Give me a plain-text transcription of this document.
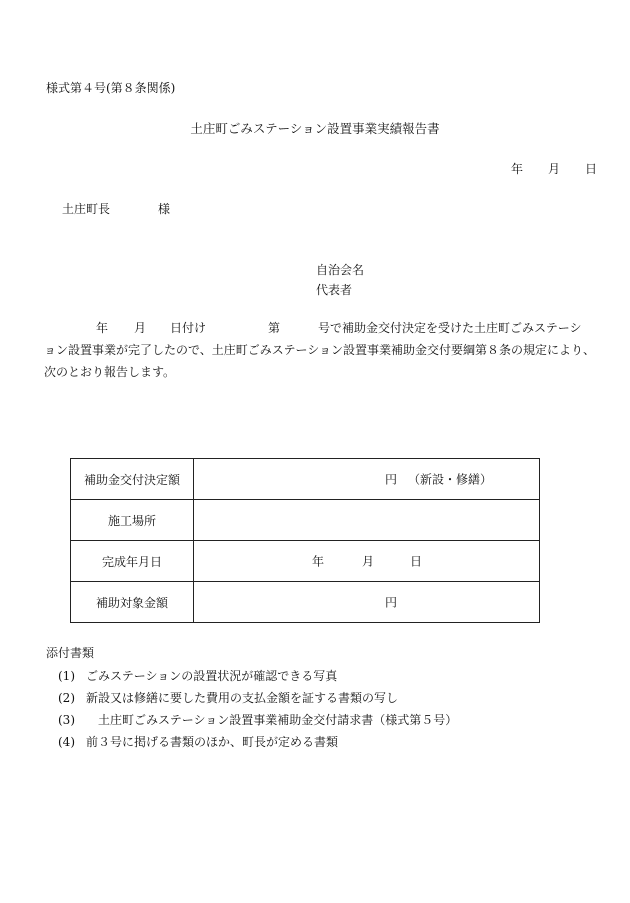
様式第４号(第８条関係)
土庄町ごみステーション設置事業実績報告書
年 月 日
土庄町長	様
自治会名
代表者
年 月 日付け	第	号で補助金交付決定を受けた土庄町ごみステーシ
ョン設置事業が完了したので、土庄町ごみステーション設置事業補助金交付要綱第８条の規定により、
次のとおり報告します。
補助金交付決定額	円 （新設・修繕）

施工場所	
完成年月日	年 月 日

補助対象金額	円
添付書類
(1) ごみステーションの設置状況が確認できる写真
(2) 新設又は修繕に要した費用の支払金額を証する書類の写し
(3)　土庄町ごみステーション設置事業補助金交付請求書（様式第５号）
(4) 前３号に掲げる書類のほか、町長が定める書類
